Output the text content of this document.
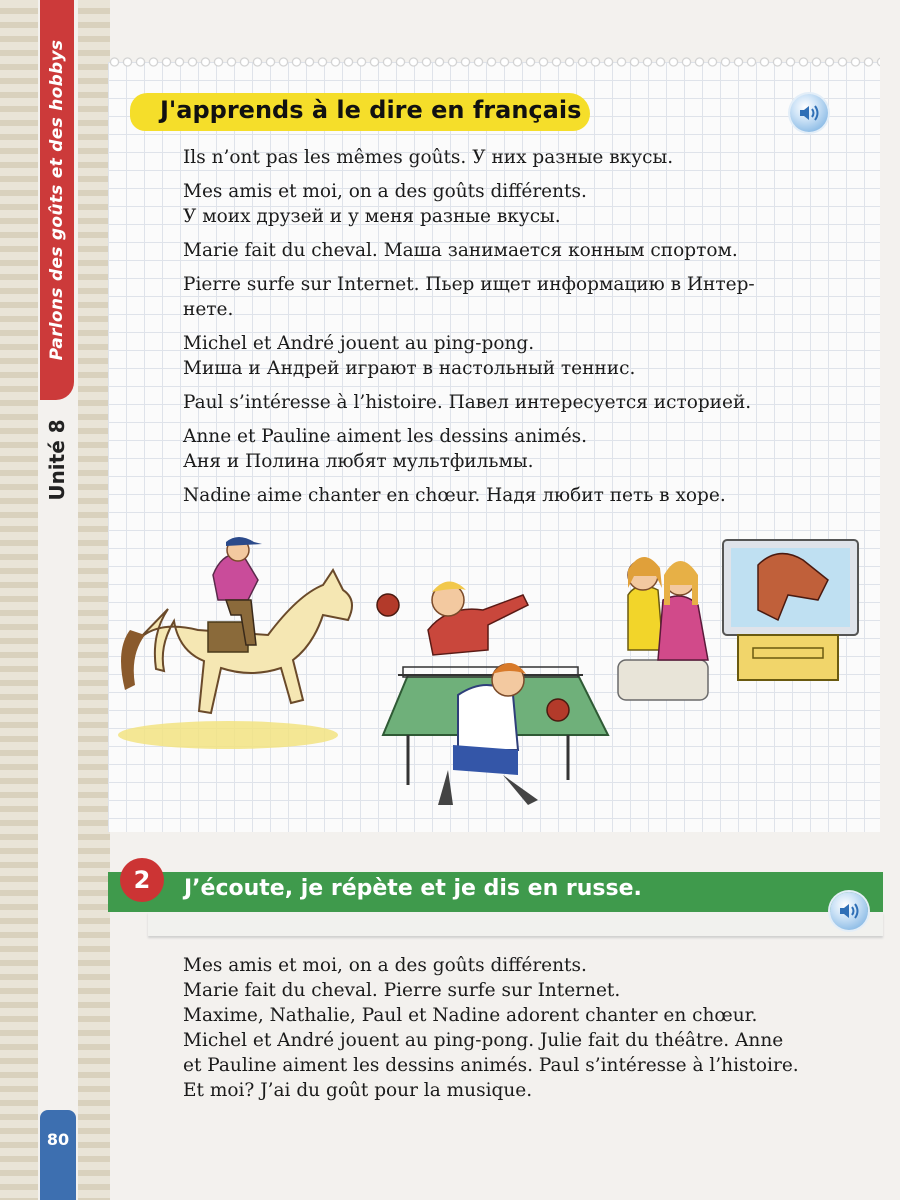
Parlons des goûts et des hobbys
Unité 8
80
J'apprends à le dire en français

Ils n’ont pas les mêmes goûts. У них разные вкусы.

Mes amis et moi, on a des goûts différents.
У моих друзей и у меня разные вкусы.

Marie fait du cheval. Маша занимается конным спортом.

Pierre surfe sur Internet. Пьер ищет информацию в Интер-
нете.

Michel et André jouent au ping-pong.
Миша и Андрей играют в настольный теннис.

Paul s’intéresse à l’histoire. Павел интересуется историей.

Anne et Pauline aiment les dessins animés.
Аня и Полина любят мультфильмы.

Nadine aime chanter en chœur. Надя любит петь в хоре.

2	J’écoute, je répète et je dis en russe.
Mes amis et moi, on a des goûts différents.
Marie fait du cheval. Pierre surfe sur Internet.
Maxime, Nathalie, Paul et Nadine adorent chanter en chœur.
Michel et André jouent au ping-pong. Julie fait du théâtre. Anne
et Pauline aiment les dessins animés. Paul s’intéresse à l’histoire.
Et moi? J’ai du goût pour la musique.
